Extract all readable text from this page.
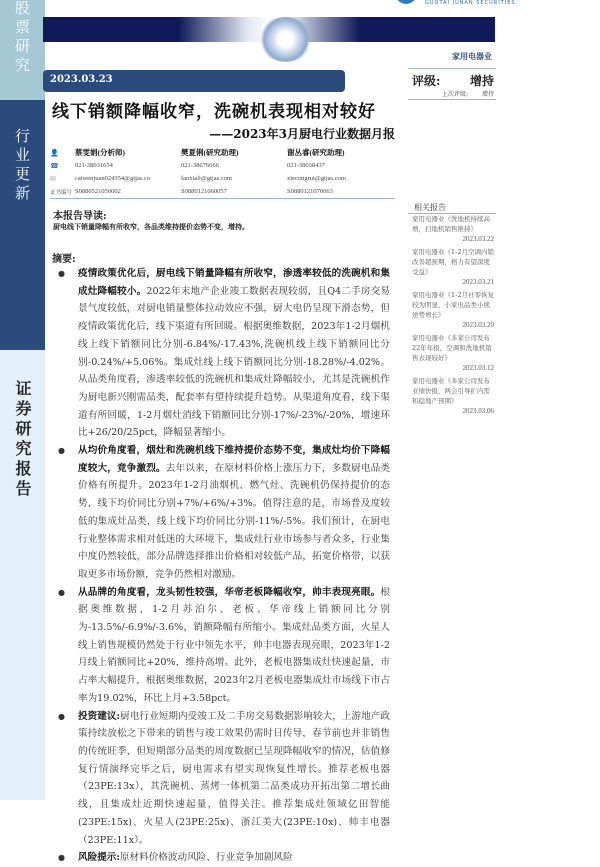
股票研究
行业更新
证券研究报告
GUOTAI JUNAN SECURITIES
家用电器业
2023.03.23
线下销额降幅收窄，洗碗机表现相对较好
——2023年3月厨电行业数据月报
评级: 增持
上次评级: 增持
👤	蔡雯娟(分析师)	樊夏俐(研究助理)	谢丛睿(研究助理)
☎	021-38031654	021-38676666	021-38038437
✉	caiwenjuan024354@gtjas.co	fanxiali@gtjas.com	xiecongrui@gtjas.com
证书编号 S0880521050002	S0880121060057	S0880121070063
本报告导读:
厨电线下销量降幅有所收窄，各品类维持提价态势不变，增持。
摘要:
● 疫情政策优化后，厨电线下销量降幅有所收窄，渗透率较低的洗碗机和集成灶降幅较小。2022年末地产企业竣工数据表现较弱，且Q4二手房交易景气度较低，对厨电销量整体拉动效应不强，厨大电仍呈现下滑态势，但疫情政策优化后，线下渠道有所回暖。根据奥维数据，2023年1-2月烟机线上线下销额同比分别-6.84%/-17.43%,洗碗机线上线下销额同比分别-0.24%/+5.06%。集成灶线上线下销额同比分别-18.28%/-4.02%。从品类角度看，渗透率较低的洗碗机和集成灶降幅较小，尤其是洗碗机作为厨电新兴刚需品类，配套率有望持续提升趋势。从渠道角度看，线下渠道有所回暖，1-2月烟灶消线下销额同比分别-17%/-23%/-20%，增速环比+26/20/25pct，降幅显著缩小。
● 从均价角度看，烟灶和洗碗机线下维持提价态势不变，集成灶均价下降幅度较大，竞争激烈。去年以来，在原材料价格上涨压力下，多数厨电品类价格有所提升。2023年1-2月油烟机、燃气灶、洗碗机仍保持提价的态势，线下均价同比分别+7%/+6%/+3%。值得注意的是，市场普及度较低的集成灶品类，线上线下均价同比分别-11%/-5%。我们预计，在厨电行业整体需求相对低迷的大环境下，集成灶行业市场参与者众多，行业集中度仍然较低，部分品牌选择推出价格相对较低产品，拓宽价格带，以获取更多市场份额，竞争仍然相对激励。
● 从品牌的角度看，龙头韧性较强，华帝老板降幅收窄，帅丰表现亮眼。根据奥维数据，1-2月苏泊尔、老板、华帝线上销额同比分别为-13.5%/-6.9%/-3.6%，销额降幅有所缩小。集成灶品类方面，火星人线上销售规模仍然处于行业中领先水平，帅丰电器表现亮眼，2023年1-2月线上销额同比+20%，维持高增。此外，老板电器集成灶快速起量，市占率大幅提升，根据奥维数据，2023年2月老板电器集成灶市场线下市占率为19.02%，环比上月+3.58pct。
● 投资建议:厨电行业短期内受竣工及二手房交易数据影响较大，上游地产政策持续放松之下带来的销售与竣工效果仍需时日传导，春节前也并非销售的传统旺季，但短期部分品类的周度数据已呈现降幅收窄的情况，估值修复行情演绎完毕之后，厨电需求有望实现恢复性增长。推荐老板电器（23PE:13x），其洗碗机、蒸烤一体机第二品类成功开拓出第二增长曲线，且集成灶近期快速起量，值得关注。推荐集成灶领域亿田智能(23PE:15x)、火星人(23PE:25x)、浙江美大(23PE:10x)、帅丰电器（23PE:11x）。
● 风险提示:原材料价格波动风险、行业竞争加剧风险
相关报告
家用电器业《洗地机持续高增，扫地机销售维持》
2023.03.22
家用电器业《1-2月空调内销改善超预期，格力有望深度受益》
2023.03.21
家用电器业《1-2月社零恢复较为明显，小家电品类小熊逆势增长》
2023.03.20
家用电器业《多家公司发布22年年报，空调和洗地机销售表现较好》
2023.03.12
家用电器业《多家公司发布业绩快报，两会引导扩内需和稳地产预期》
2023.03.06
